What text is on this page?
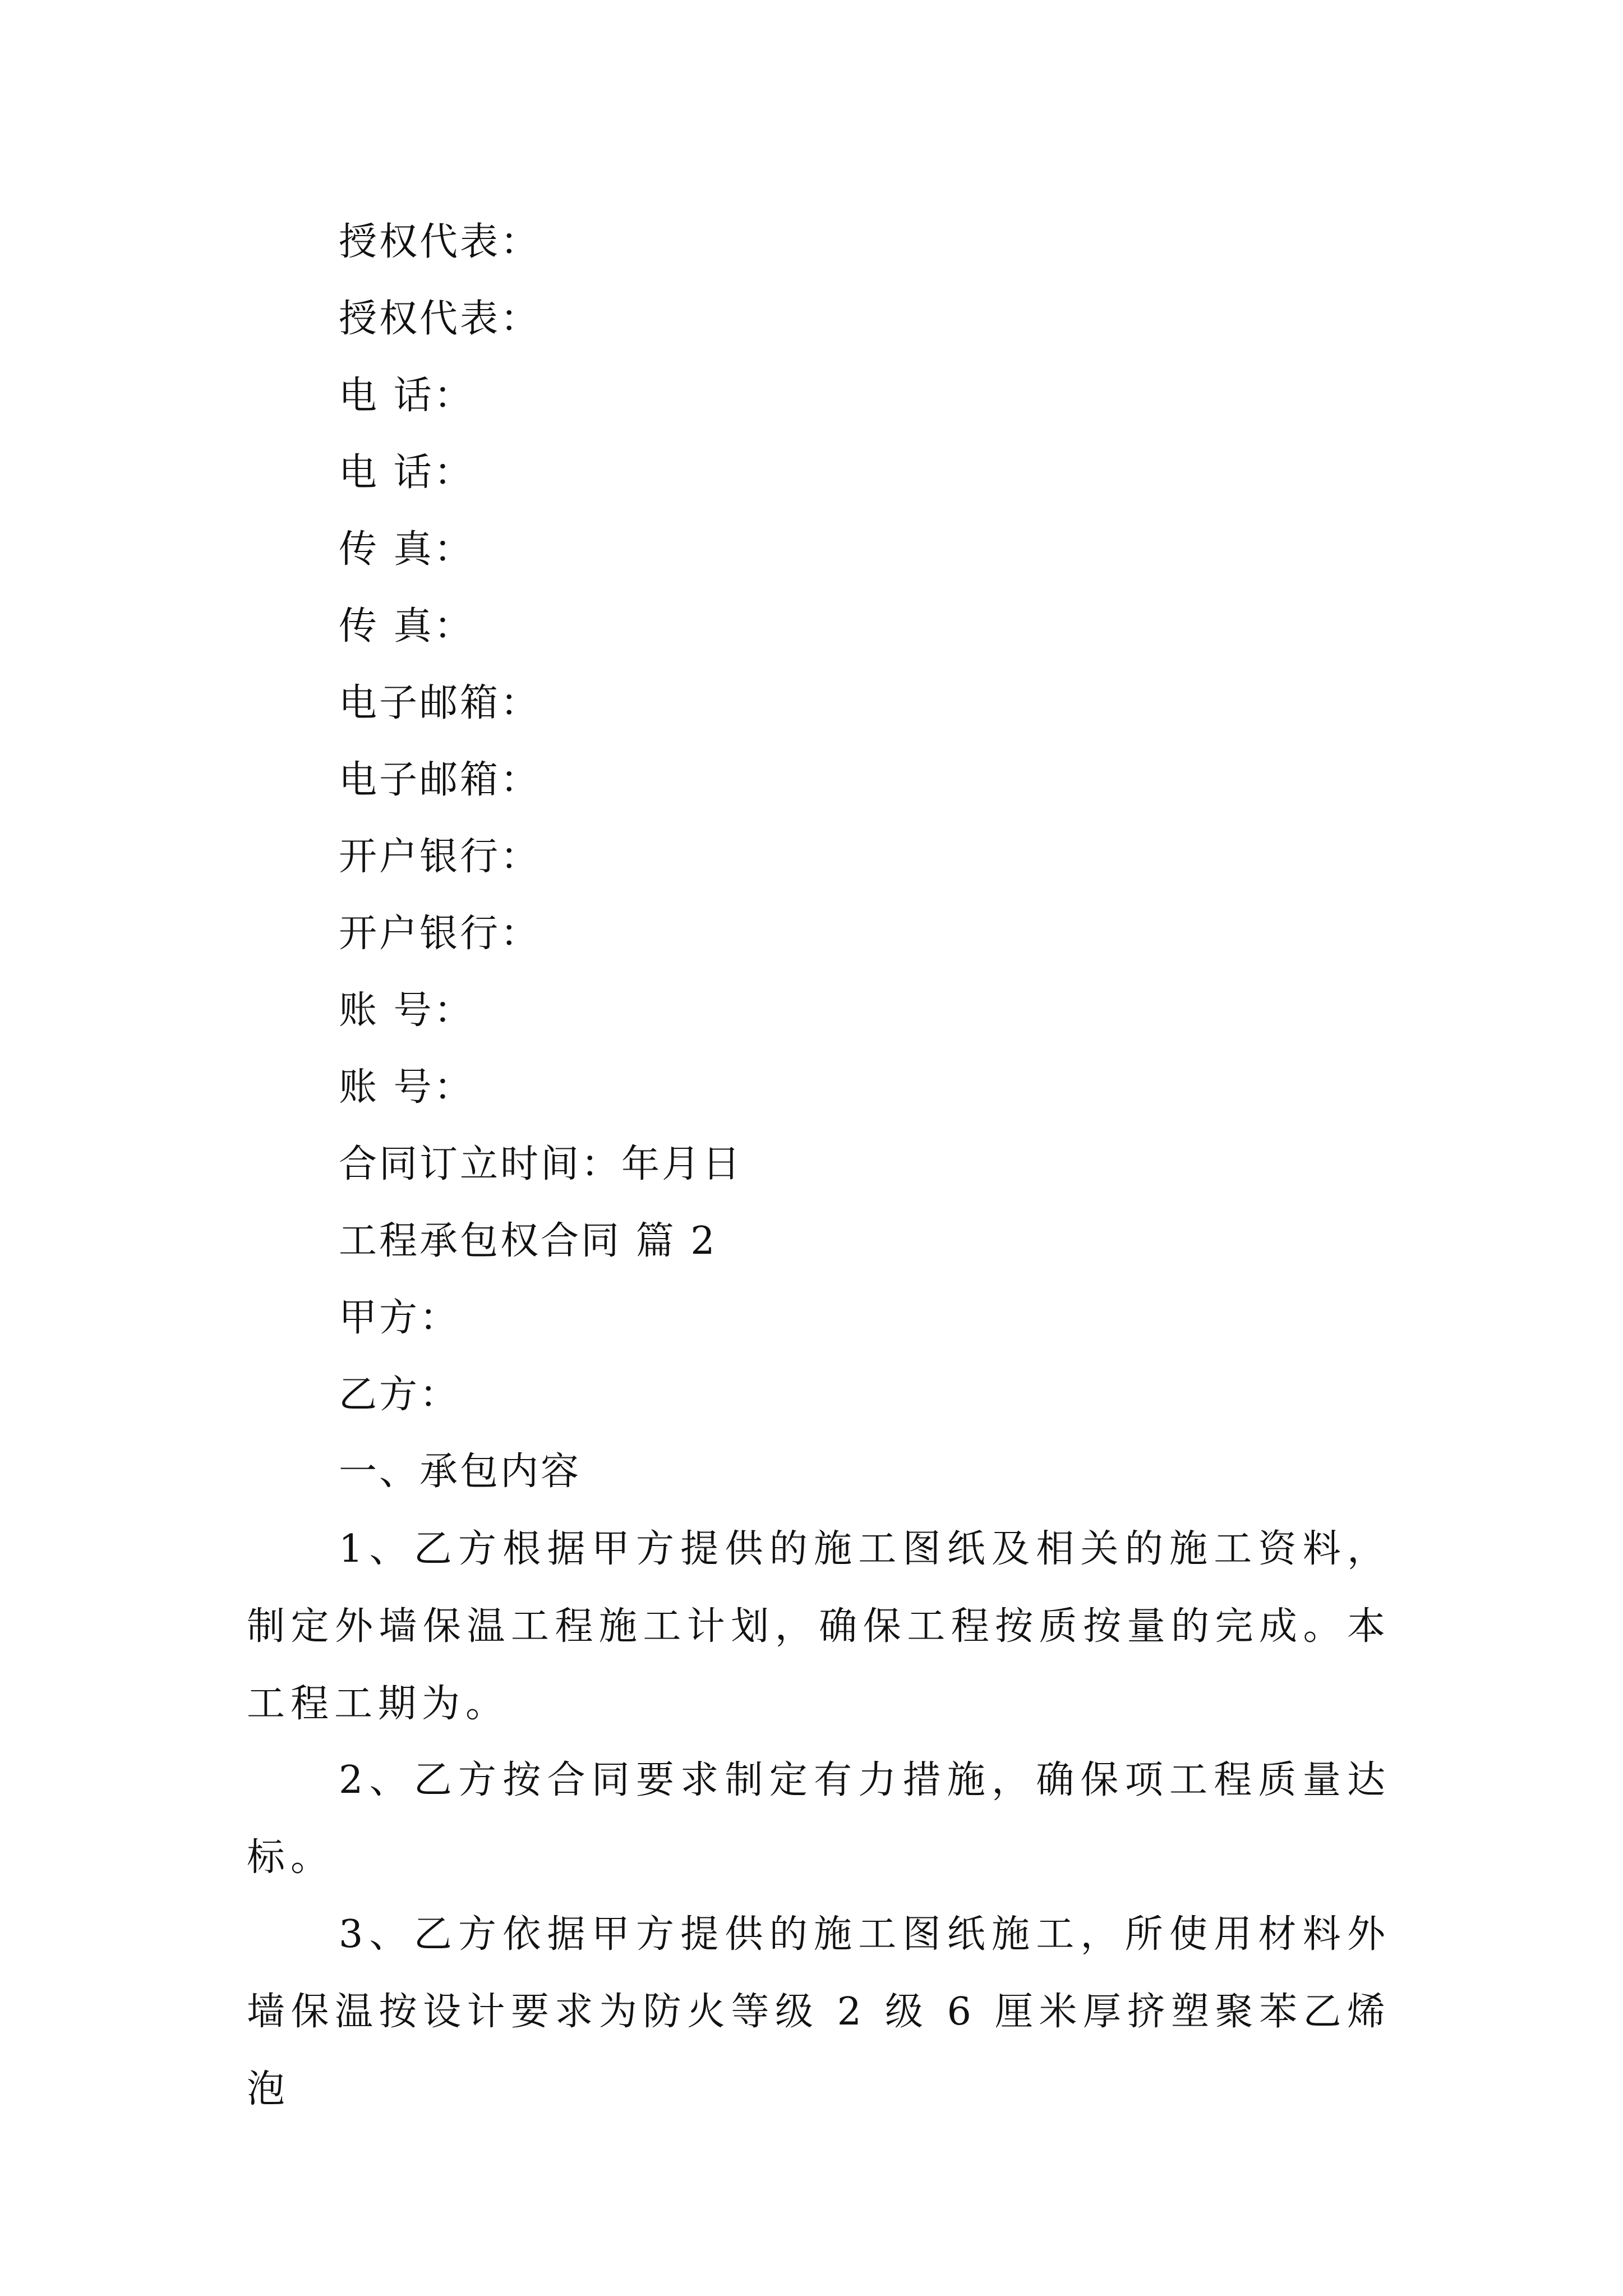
授权代表：
授权代表：
电 话：
电 话：
传 真：
传 真：
电子邮箱：
电子邮箱：
开户银行：
开户银行：
账 号：
账 号：
合同订立时间：年月日
工程承包权合同 篇 2
甲方：
乙方：
一、承包内容
1、乙方根据甲方提供的施工图纸及相关的施工资料，制定外墙保温工程施工计划，确保工程按质按量的完成。本工程工期为。
2、乙方按合同要求制定有力措施，确保项工程质量达标。
3、乙方依据甲方提供的施工图纸施工，所使用材料外墙保温按设计要求为防火等级 2 级 6 厘米厚挤塑聚苯乙烯泡
